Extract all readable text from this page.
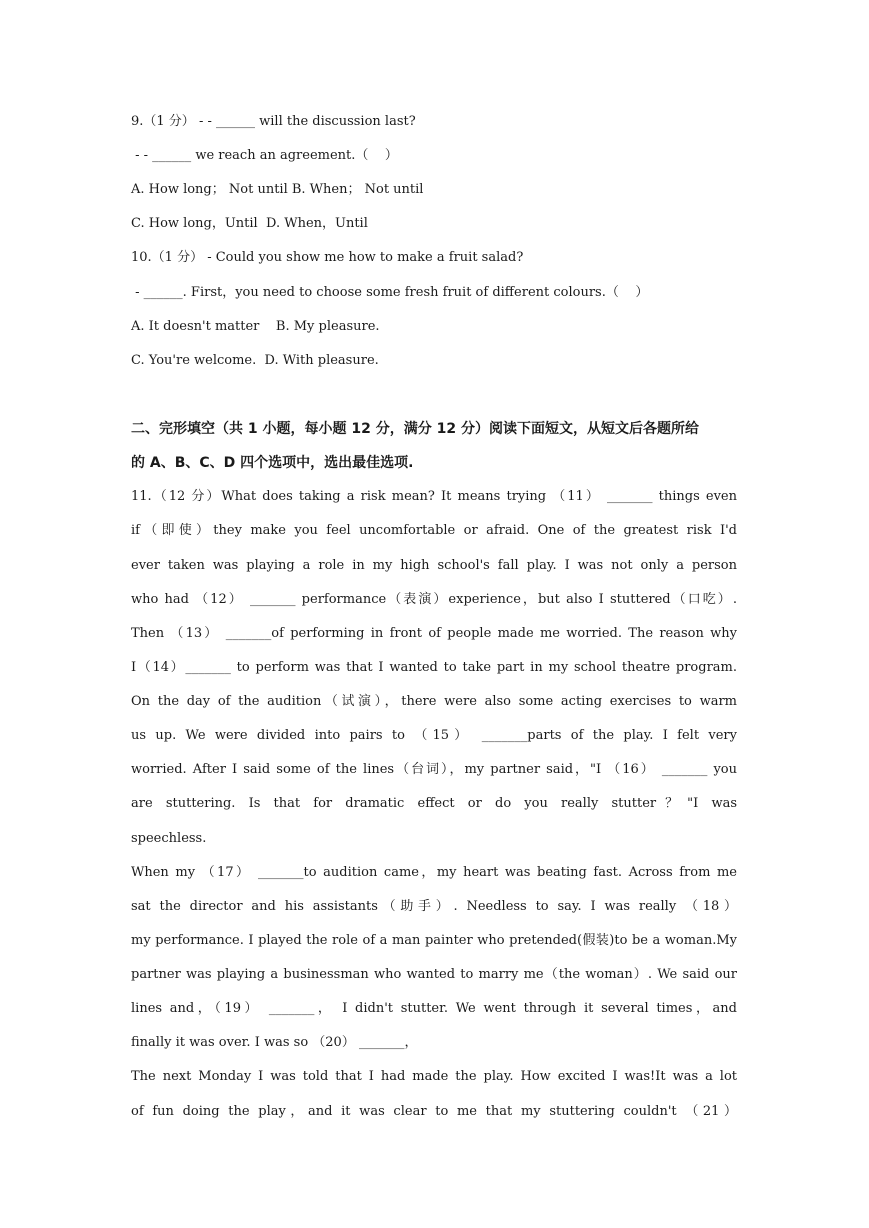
9.（1 分） - - ______ will the discussion last?
- - ______ we reach an agreement.（    ）
A. How long； Not until B. When； Not until
C. How long，Until  D. When，Until
10.（1 分） - Could you show me how to make a fruit salad?
- ______. First，you need to choose some fresh fruit of different colours.（    ）
A. It doesn't matter    B. My pleasure.
C. You're welcome.  D. With pleasure.
二、完形填空（共 1 小题，每小题 12 分，满分 12 分）阅读下面短文，从短文后各题所给
的 A、B、C、D 四个选项中，选出最佳选项.
11.（12 分）What does taking a risk mean? It means trying （11） _______ things even
if（即使）they make you feel uncomfortable or afraid. One of the greatest risk I'd
ever taken was playing a role in my high school's fall play. I was not only a person
who had （12） _______ performance（表演）experience，but also I stuttered（口吃）.
Then （13） _______of performing in front of people made me worried. The reason why
I（14）_______ to perform was that I wanted to take part in my school theatre program.
On the day of the audition（试演），there were also some acting exercises to warm
us up. We were divided into pairs to （15） _______parts of the play. I felt very
worried. After I said some of the lines（台词），my partner said，"I （16） _______ you
are stuttering. Is that for dramatic effect or do you really stutter？"I was
speechless.
When my （17） _______to audition came，my heart was beating fast. Across from me
sat the director and his assistants（助手）. Needless to say. I was really （18）
my performance. I played the role of a man painter who pretended(假装)to be a woman.My
partner was playing a businessman who wanted to marry me（the woman）. We said our
lines and，（19） _______， I didn't stutter. We went through it several times，and
finally it was over. I was so （20） _______，
The next Monday I was told that I had made the play. How excited I was!It was a lot
of fun doing the play，and it was clear to me that my stuttering couldn't （21）
